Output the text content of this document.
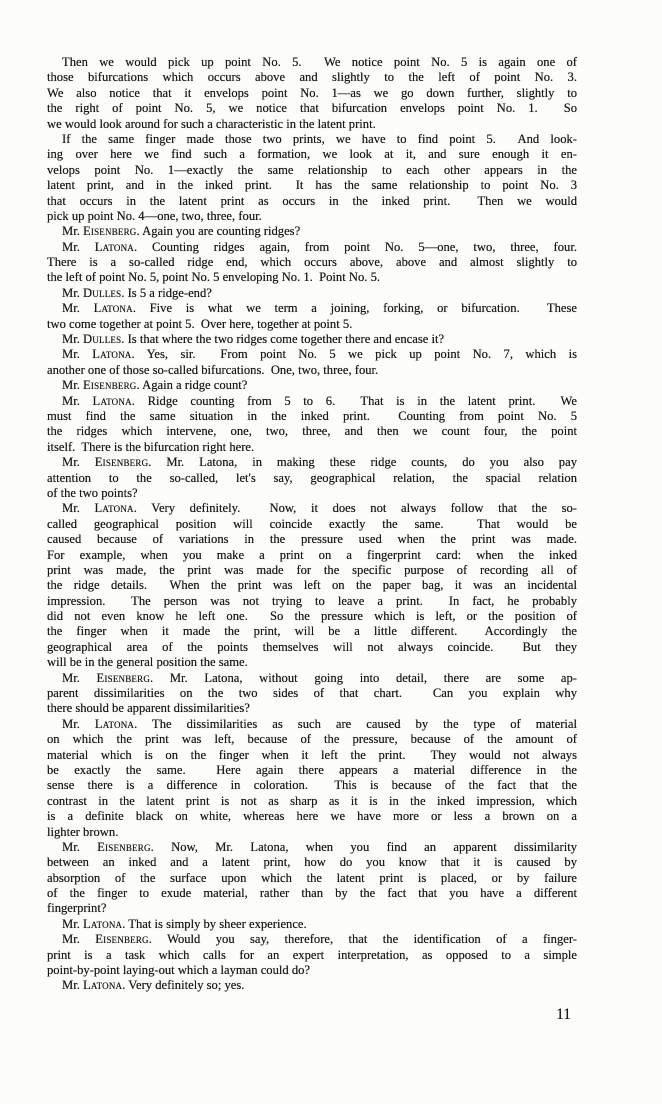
Then we would pick up point No. 5.  We notice point No. 5 is again one of
those bifurcations which occurs above and slightly to the left of point No. 3.
We also notice that it envelops point No. 1—as we go down further, slightly to
the right of point No. 5, we notice that bifurcation envelops point No. 1.  So
we would look around for such a characteristic in the latent print.
If the same finger made those two prints, we have to find point 5.  And look-
ing over here we find such a formation, we look at it, and sure enough it en-
velops point No. 1—exactly the same relationship to each other appears in the
latent print, and in the inked print.  It has the same relationship to point No. 3
that occurs in the latent print as occurs in the inked print.  Then we would
pick up point No. 4—one, two, three, four.
Mr. Eisenberg. Again you are counting ridges?
Mr. Latona. Counting ridges again, from point No. 5—one, two, three, four.
There is a so-called ridge end, which occurs above, above and almost slightly to
the left of point No. 5, point No. 5 enveloping No. 1.  Point No. 5.
Mr. Dulles. Is 5 a ridge-end?
Mr. Latona. Five is what we term a joining, forking, or bifurcation.  These
two come together at point 5.  Over here, together at point 5.
Mr. Dulles. Is that where the two ridges come together there and encase it?
Mr. Latona. Yes, sir.  From point No. 5 we pick up point No. 7, which is
another one of those so-called bifurcations.  One, two, three, four.
Mr. Eisenberg. Again a ridge count?
Mr. Latona. Ridge counting from 5 to 6.  That is in the latent print.  We
must find the same situation in the inked print.  Counting from point No. 5
the ridges which intervene, one, two, three, and then we count four, the point
itself.  There is the bifurcation right here.
Mr. Eisenberg. Mr. Latona, in making these ridge counts, do you also pay
attention to the so-called, let's say, geographical relation, the spacial relation
of the two points?
Mr. Latona. Very definitely.  Now, it does not always follow that the so-
called geographical position will coincide exactly the same.  That would be
caused because of variations in the pressure used when the print was made.
For example, when you make a print on a fingerprint card: when the inked
print was made, the print was made for the specific purpose of recording all of
the ridge details.  When the print was left on the paper bag, it was an incidental
impression.  The person was not trying to leave a print.  In fact, he probably
did not even know he left one.  So the pressure which is left, or the position of
the finger when it made the print, will be a little different.  Accordingly the
geographical area of the points themselves will not always coincide.  But they
will be in the general position the same.
Mr. Eisenberg. Mr. Latona, without going into detail, there are some ap-
parent dissimilarities on the two sides of that chart.  Can you explain why
there should be apparent dissimilarities?
Mr. Latona. The dissimilarities as such are caused by the type of material
on which the print was left, because of the pressure, because of the amount of
material which is on the finger when it left the print.  They would not always
be exactly the same.  Here again there appears a material difference in the
sense there is a difference in coloration.  This is because of the fact that the
contrast in the latent print is not as sharp as it is in the inked impression, which
is a definite black on white, whereas here we have more or less a brown on a
lighter brown.
Mr. Eisenberg. Now, Mr. Latona, when you find an apparent dissimilarity
between an inked and a latent print, how do you know that it is caused by
absorption of the surface upon which the latent print is placed, or by failure
of the finger to exude material, rather than by the fact that you have a different
fingerprint?
Mr. Latona. That is simply by sheer experience.
Mr. Eisenberg. Would you say, therefore, that the identification of a finger-
print is a task which calls for an expert interpretation, as opposed to a simple
point-by-point laying-out which a layman could do?
Mr. Latona. Very definitely so; yes.
11
